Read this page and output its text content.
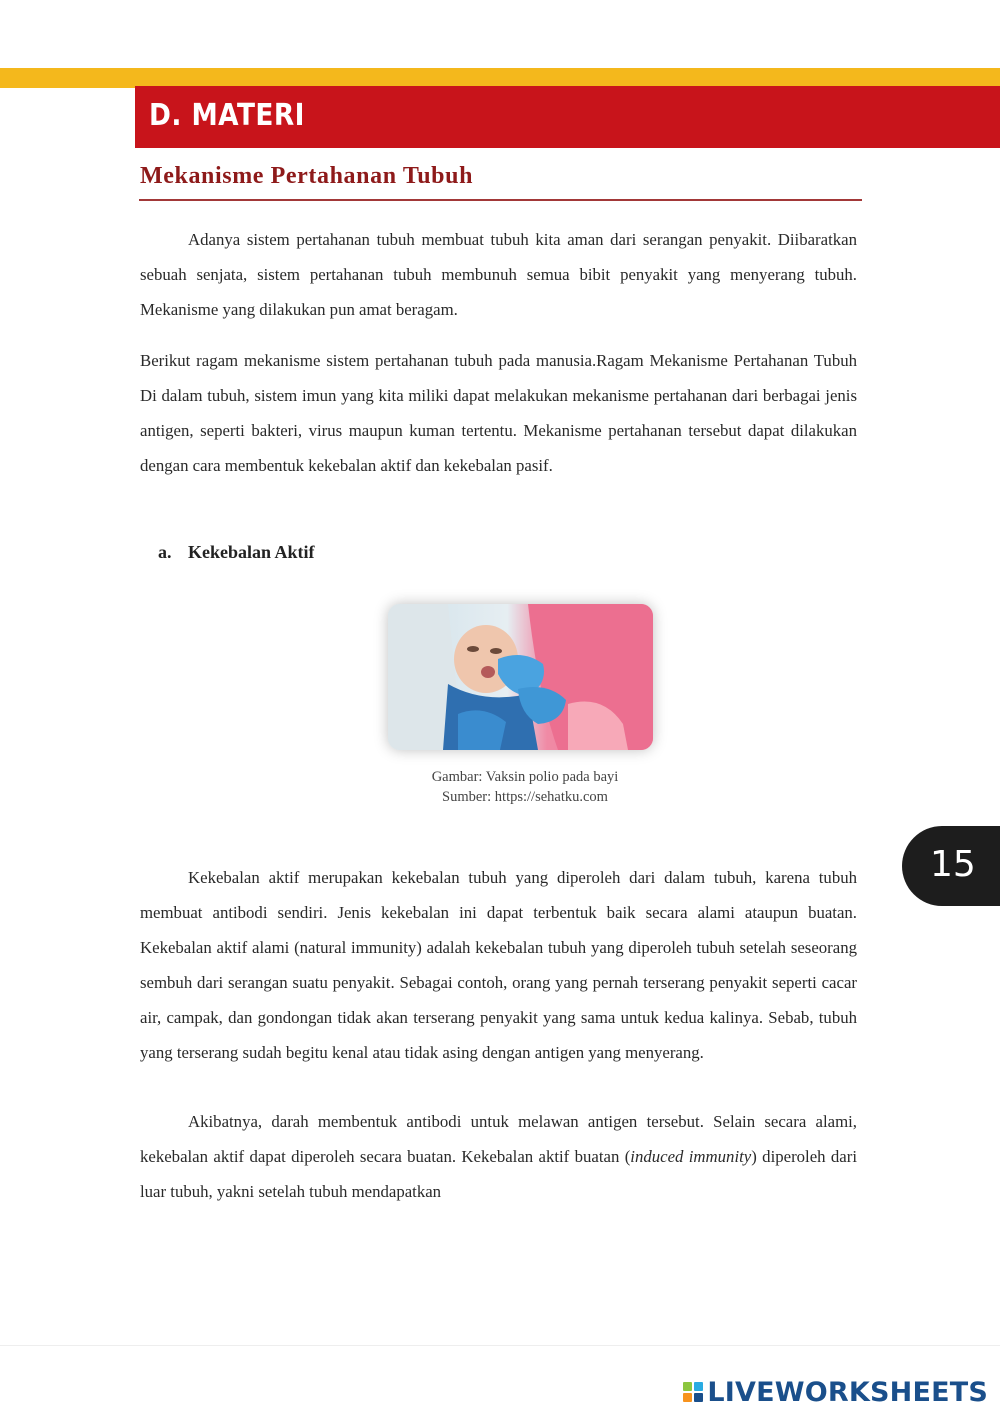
D. MATERI
Mekanisme Pertahanan Tubuh

Adanya sistem pertahanan tubuh membuat tubuh kita aman dari serangan penyakit. Diibaratkan sebuah senjata, sistem pertahanan tubuh membunuh semua bibit penyakit yang menyerang tubuh. Mekanisme yang dilakukan pun amat beragam.

Berikut ragam mekanisme sistem pertahanan tubuh pada manusia.Ragam Mekanisme Pertahanan Tubuh Di dalam tubuh, sistem imun yang kita miliki dapat melakukan mekanisme pertahanan dari berbagai jenis antigen, seperti bakteri, virus maupun kuman tertentu. Mekanisme pertahanan tersebut dapat dilakukan dengan cara membentuk kekebalan aktif dan kekebalan pasif.

a. Kekebalan Aktif
Gambar: Vaksin polio pada bayi
Sumber: https://sehatku.com
15

Kekebalan aktif merupakan kekebalan tubuh yang diperoleh dari dalam tubuh, karena tubuh membuat antibodi sendiri. Jenis kekebalan ini dapat terbentuk baik secara alami ataupun buatan. Kekebalan aktif alami (natural immunity) adalah kekebalan tubuh yang diperoleh tubuh setelah seseorang sembuh dari serangan suatu penyakit. Sebagai contoh, orang yang pernah terserang penyakit seperti cacar air, campak, dan gondongan tidak akan terserang penyakit yang sama untuk kedua kalinya. Sebab, tubuh yang terserang sudah begitu kenal atau tidak asing dengan antigen yang menyerang.

Akibatnya, darah membentuk antibodi untuk melawan antigen tersebut. Selain secara alami, kekebalan aktif dapat diperoleh secara buatan. Kekebalan aktif buatan (induced immunity) diperoleh dari luar tubuh, yakni setelah tubuh mendapatkan

LIVEWORKSHEETS
